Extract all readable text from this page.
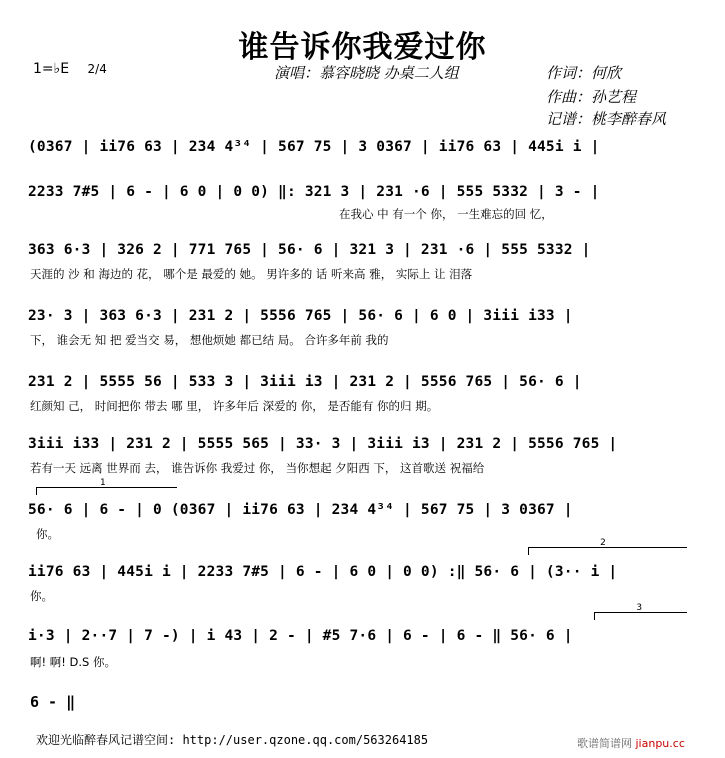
谁告诉你我爱过你
1=♭E 2/4	演唱：慕容晓晓 办桌二人组	作词：何欣
作曲：孙艺程
记谱：桃李醉春风
(0367 | ii76 63 | 234 4³⁴ | 567 75 | 3 0367 | ii76 63 | 445i i |
2233 7#5 | 6 - | 6 0 | 0 0) ‖: 321 3 | 231 ·6 | 555 5332 | 3 - |
在我心 中 有一个 你， 一生难忘的回 忆，
363 6·3 | 326 2 | 771 765 | 56· 6 | 321 3 | 231 ·6 | 555 5332 |
天涯的 沙 和 海边的 花， 哪个是 最爱的 她。 男许多的 话 听来高 雅， 实际上 让 泪落
23· 3 | 363 6·3 | 231 2 | 5556 765 | 56· 6 | 6 0 | 3iii i33 |
下， 谁会无 知 把 爱当交 易， 想他烦她 都已结 局。 合许多年前 我的
231 2 | 5555 56 | 533 3 | 3iii i3 | 231 2 | 5556 765 | 56· 6 |
红颜知 己， 时间把你 带去 哪 里， 许多年后 深爱的 你， 是否能有 你的归 期。
3iii i33 | 231 2 | 5555 565 | 33· 3 | 3iii i3 | 231 2 | 5556 765 |
若有一天 远离 世界而 去， 谁告诉你 我爱过 你， 当你想起 夕阳西 下， 这首歌送 祝福给
1
56· 6 | 6 - | 0 (0367 | ii76 63 | 234 4³⁴ | 567 75 | 3 0367 |
你。
2
ii76 63 | 445i i | 2233 7#5 | 6 - | 6 0 | 0 0) :‖ 56· 6 | (3·· i |
你。
3
i·3 | 2··7 | 7 -) | i 43 | 2 - | #5 7·6 | 6 - | 6 - ‖ 56· 6 |
啊! 啊! D.S 你。
6 - ‖
欢迎光临醉春风记谱空间: http://user.qzone.qq.com/563264185	歌谱简谱网 jianpu.cc
